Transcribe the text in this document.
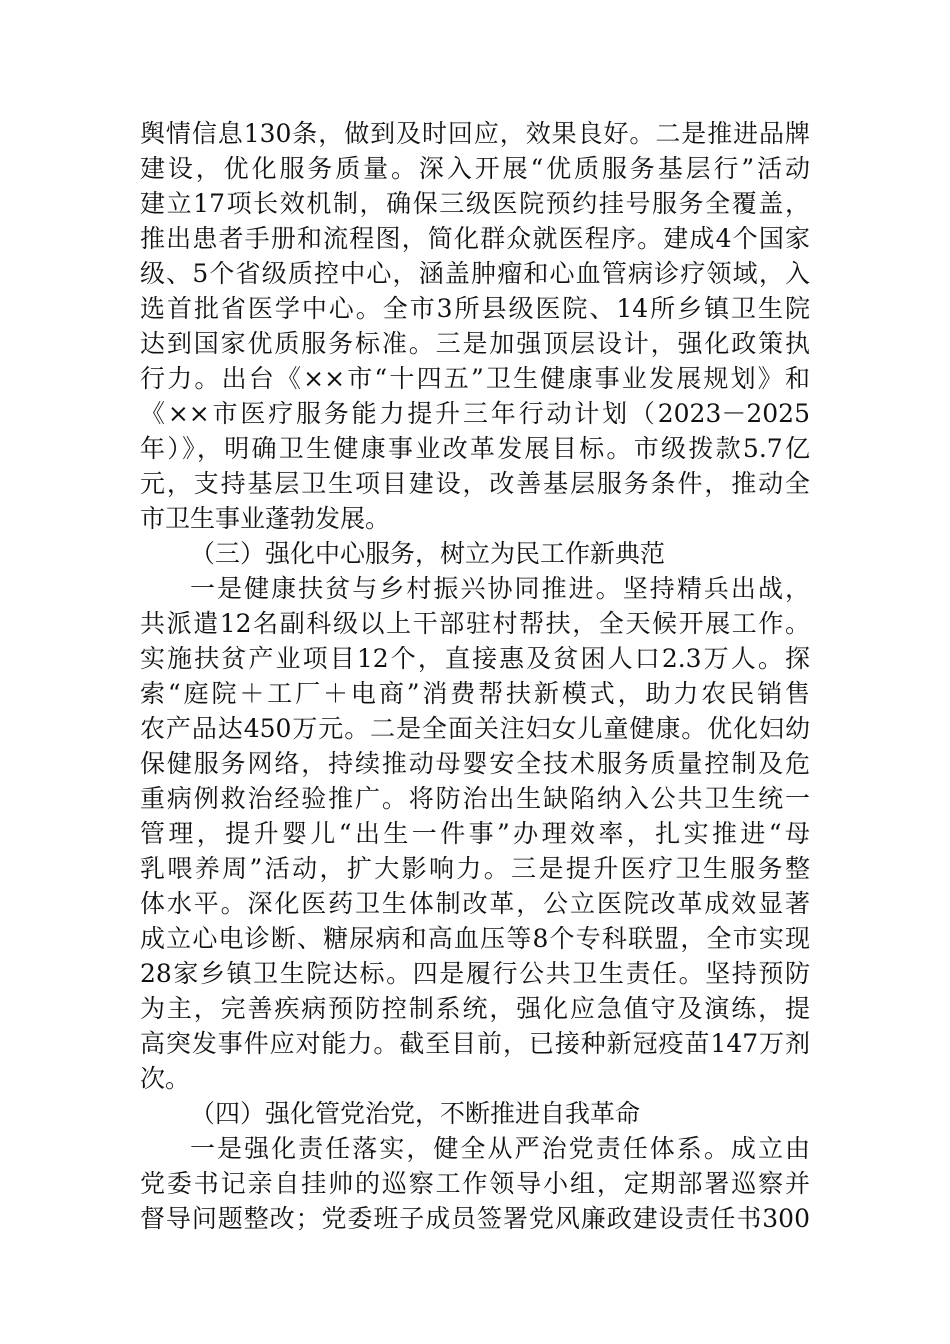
舆情信息130条，做到及时回应，效果良好。二是推进品牌
建设，优化服务质量。深入开展“优质服务基层行”活动
建立17项长效机制，确保三级医院预约挂号服务全覆盖，
推出患者手册和流程图，简化群众就医程序。建成4个国家
级、5个省级质控中心，涵盖肿瘤和心血管病诊疗领域，入
选首批省医学中心。全市3所县级医院、14所乡镇卫生院
达到国家优质服务标准。三是加强顶层设计，强化政策执
行力。出台《××市“十四五”卫生健康事业发展规划》和
《××市医疗服务能力提升三年行动计划（2023－2025
年）》，明确卫生健康事业改革发展目标。市级拨款5.7亿
元，支持基层卫生项目建设，改善基层服务条件，推动全
市卫生事业蓬勃发展。
（三）强化中心服务，树立为民工作新典范
一是健康扶贫与乡村振兴协同推进。坚持精兵出战，
共派遣12名副科级以上干部驻村帮扶，全天候开展工作。
实施扶贫产业项目12个，直接惠及贫困人口2.3万人。探
索“庭院＋工厂＋电商”消费帮扶新模式，助力农民销售
农产品达450万元。二是全面关注妇女儿童健康。优化妇幼
保健服务网络，持续推动母婴安全技术服务质量控制及危
重病例救治经验推广。将防治出生缺陷纳入公共卫生统一
管理，提升婴儿“出生一件事”办理效率，扎实推进“母
乳喂养周”活动，扩大影响力。三是提升医疗卫生服务整
体水平。深化医药卫生体制改革，公立医院改革成效显著
成立心电诊断、糖尿病和高血压等8个专科联盟，全市实现
28家乡镇卫生院达标。四是履行公共卫生责任。坚持预防
为主，完善疾病预防控制系统，强化应急值守及演练，提
高突发事件应对能力。截至目前，已接种新冠疫苗147万剂
次。
（四）强化管党治党，不断推进自我革命
一是强化责任落实，健全从严治党责任体系。成立由
党委书记亲自挂帅的巡察工作领导小组，定期部署巡察并
督导问题整改；党委班子成员签署党风廉政建设责任书300
